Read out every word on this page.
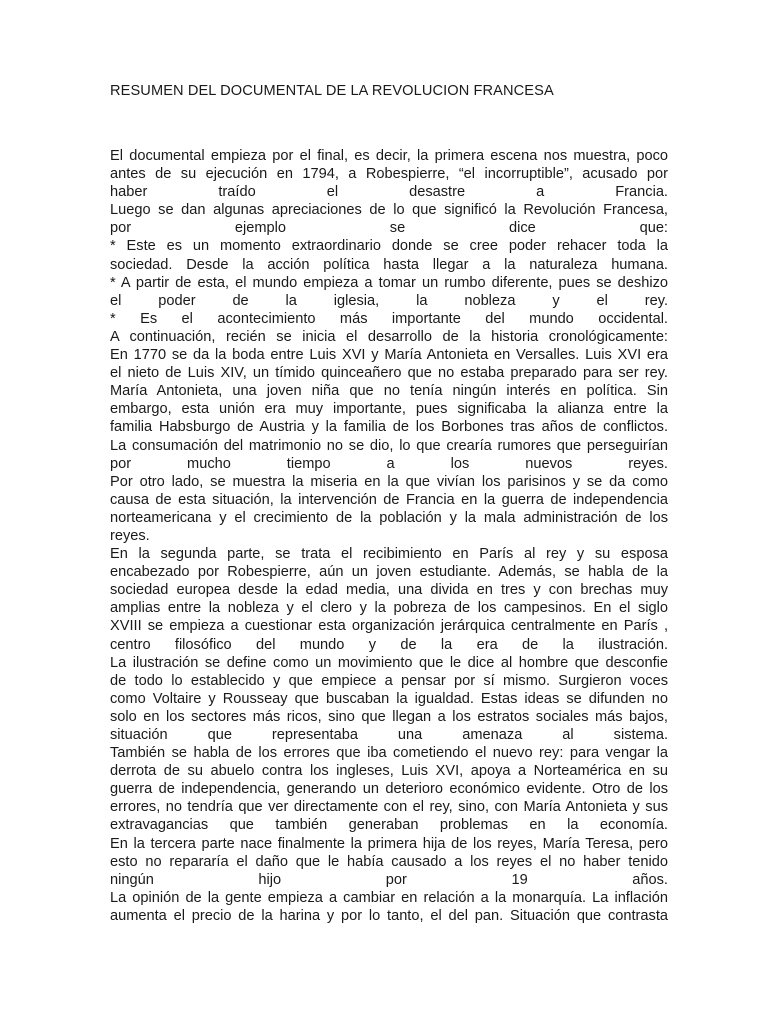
RESUMEN DEL DOCUMENTAL DE LA REVOLUCION FRANCESA
El documental empieza por el final, es decir, la primera escena nos muestra, poco
antes de su ejecución en 1794, a Robespierre, “el incorruptible”, acusado por
haber traído el desastre a Francia.
Luego se dan algunas apreciaciones de lo que significó la Revolución Francesa,
por ejemplo se dice que:
* Este es un momento extraordinario donde se cree poder rehacer toda la
sociedad. Desde la acción política hasta llegar a la naturaleza humana.
* A partir de esta, el mundo empieza a tomar un rumbo diferente, pues se deshizo
el poder de la iglesia, la nobleza y el rey.
* Es el acontecimiento más importante del mundo occidental.
A continuación, recién se inicia el desarrollo de la historia cronológicamente:
En 1770 se da la boda entre Luis XVI y María Antonieta en Versalles. Luis XVI era
el nieto de Luis XIV, un tímido quinceañero que no estaba preparado para ser rey.
María Antonieta, una joven niña que no tenía ningún interés en política. Sin
embargo, esta unión era muy importante, pues significaba la alianza entre la
familia Habsburgo de Austria y la familia de los Borbones tras años de conflictos.
La consumación del matrimonio no se dio, lo que crearía rumores que perseguirían
por mucho tiempo a los nuevos reyes.
Por otro lado, se muestra la miseria en la que vivían los parisinos y se da como
causa de esta situación, la intervención de Francia en la guerra de independencia
norteamericana y el crecimiento de la población y la mala administración de los
reyes.
En la segunda parte, se trata el recibimiento en París al rey y su esposa
encabezado por Robespierre, aún un joven estudiante. Además, se habla de la
sociedad europea desde la edad media, una divida en tres y con brechas muy
amplias entre la nobleza y el clero y la pobreza de los campesinos. En el siglo
XVIII se empieza a cuestionar esta organización jerárquica centralmente en París ,
centro filosófico del mundo y de la era de la ilustración.
La ilustración se define como un movimiento que le dice al hombre que desconfie
de todo lo establecido y que empiece a pensar por sí mismo. Surgieron voces
como Voltaire y Rousseay que buscaban la igualdad. Estas ideas se difunden no
solo en los sectores más ricos, sino que llegan a los estratos sociales más bajos,
situación que representaba una amenaza al sistema.
También se habla de los errores que iba cometiendo el nuevo rey: para vengar la
derrota de su abuelo contra los ingleses, Luis XVI, apoya a Norteamérica en su
guerra de independencia, generando un deterioro económico evidente. Otro de los
errores, no tendría que ver directamente con el rey, sino, con María Antonieta y sus
extravagancias que también generaban problemas en la economía.
En la tercera parte nace finalmente la primera hija de los reyes, María Teresa, pero
esto no repararía el daño que le había causado a los reyes el no haber tenido
ningún hijo por 19 años.
La opinión de la gente empieza a cambiar en relación a la monarquía. La inflación
aumenta el precio de la harina y por lo tanto, el del pan. Situación que contrasta
